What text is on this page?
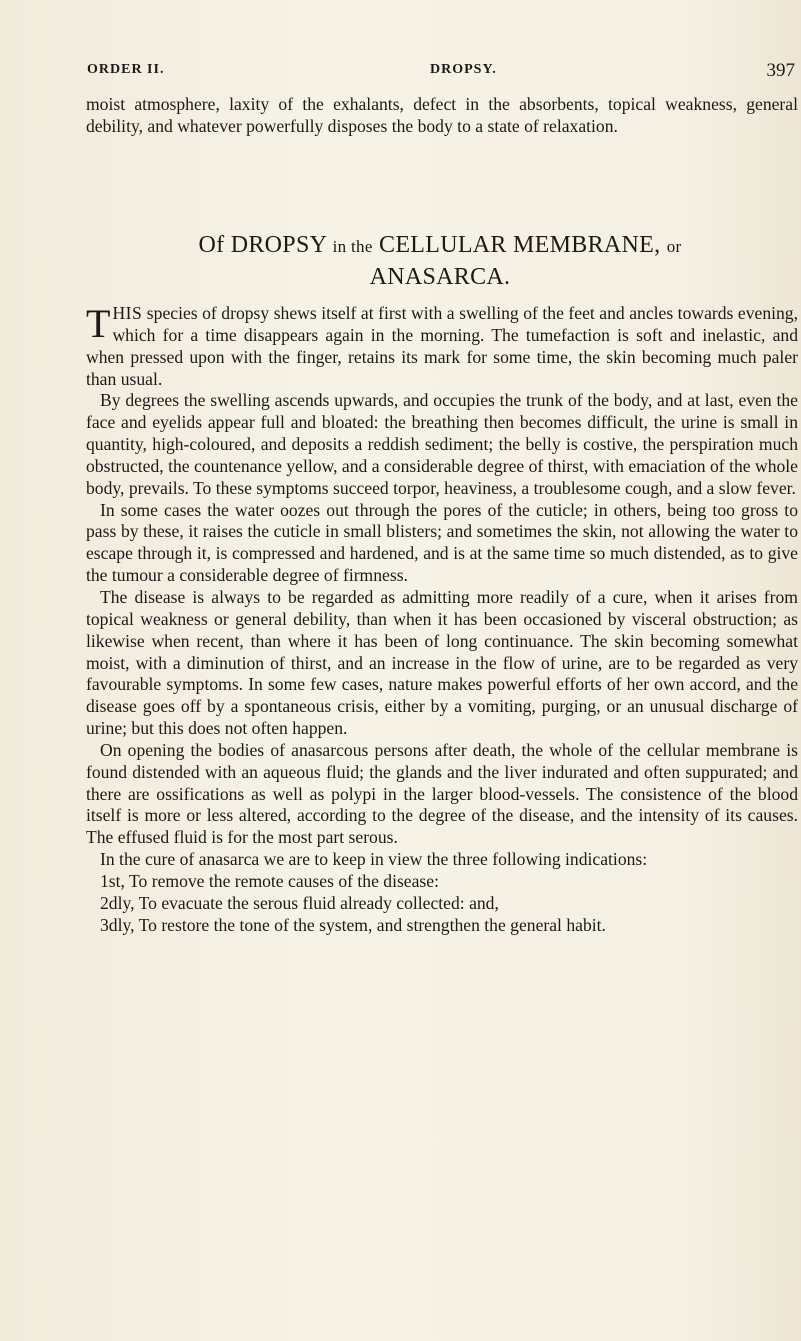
ORDER II.	DROPSY.	397

moist atmosphere, laxity of the exhalants, defect in the absorbents, topical weakness, general debility, and whatever powerfully disposes the body to a state of relaxation.

Of DROPSY in the CELLULAR MEMBRANE, or
ANASARCA.

THIS species of dropsy shews itself at first with a swelling of the feet and ancles towards evening, which for a time disappears again in the morning. The tumefaction is soft and inelastic, and when pressed upon with the finger, retains its mark for some time, the skin becoming much paler than usual.

By degrees the swelling ascends upwards, and occupies the trunk of the body, and at last, even the face and eyelids appear full and bloated: the breathing then becomes difficult, the urine is small in quantity, high-coloured, and deposits a reddish sediment; the belly is costive, the perspiration much obstructed, the countenance yellow, and a considerable degree of thirst, with emaciation of the whole body, prevails. To these symptoms succeed torpor, heaviness, a troublesome cough, and a slow fever.

In some cases the water oozes out through the pores of the cuticle; in others, being too gross to pass by these, it raises the cuticle in small blisters; and sometimes the skin, not allowing the water to escape through it, is compressed and hardened, and is at the same time so much distended, as to give the tumour a considerable degree of firmness.

The disease is always to be regarded as admitting more readily of a cure, when it arises from topical weakness or general debility, than when it has been occasioned by visceral obstruction; as likewise when recent, than where it has been of long continuance. The skin becoming somewhat moist, with a diminution of thirst, and an increase in the flow of urine, are to be regarded as very favourable symptoms. In some few cases, nature makes powerful efforts of her own accord, and the disease goes off by a spontaneous crisis, either by a vomiting, purging, or an unusual discharge of urine; but this does not often happen.

On opening the bodies of anasarcous persons after death, the whole of the cellular membrane is found distended with an aqueous fluid; the glands and the liver indurated and often suppurated; and there are ossifications as well as polypi in the larger blood-vessels. The consistence of the blood itself is more or less altered, according to the degree of the disease, and the intensity of its causes. The effused fluid is for the most part serous.

In the cure of anasarca we are to keep in view the three following indications:

1st, To remove the remote causes of the disease:

2dly, To evacuate the serous fluid already collected: and,

3dly, To restore the tone of the system, and strengthen the general habit.
